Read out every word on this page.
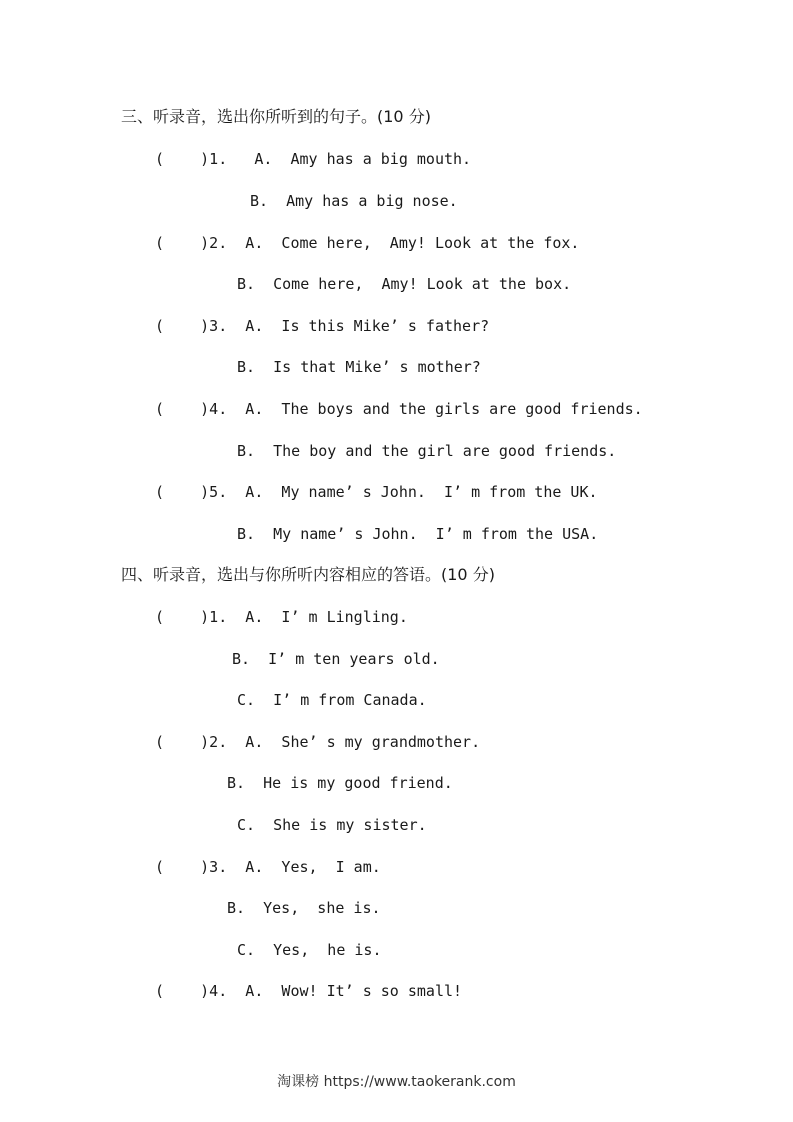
三、听录音，选出你所听到的句子。(10 分)
(    )1.   A.  Amy has a big mouth.
B.  Amy has a big nose.
(    )2.  A.  Come here,  Amy! Look at the fox.
B.  Come here,  Amy! Look at the box.
(    )3.  A.  Is this Mike’ s father?
B.  Is that Mike’ s mother?
(    )4.  A.  The boys and the girls are good friends.
B.  The boy and the girl are good friends.
(    )5.  A.  My name’ s John.  I’ m from the UK.
B.  My name’ s John.  I’ m from the USA.
四、听录音，选出与你所听内容相应的答语。(10 分)
(    )1.  A.  I’ m Lingling.
B.  I’ m ten years old.
C.  I’ m from Canada.
(    )2.  A.  She’ s my grandmother.
B.  He is my good friend.
C.  She is my sister.
(    )3.  A.  Yes,  I am.
B.  Yes,  she is.
C.  Yes,  he is.
(    )4.  A.  Wow! It’ s so small!
淘课榜 https://www.taokerank.com
